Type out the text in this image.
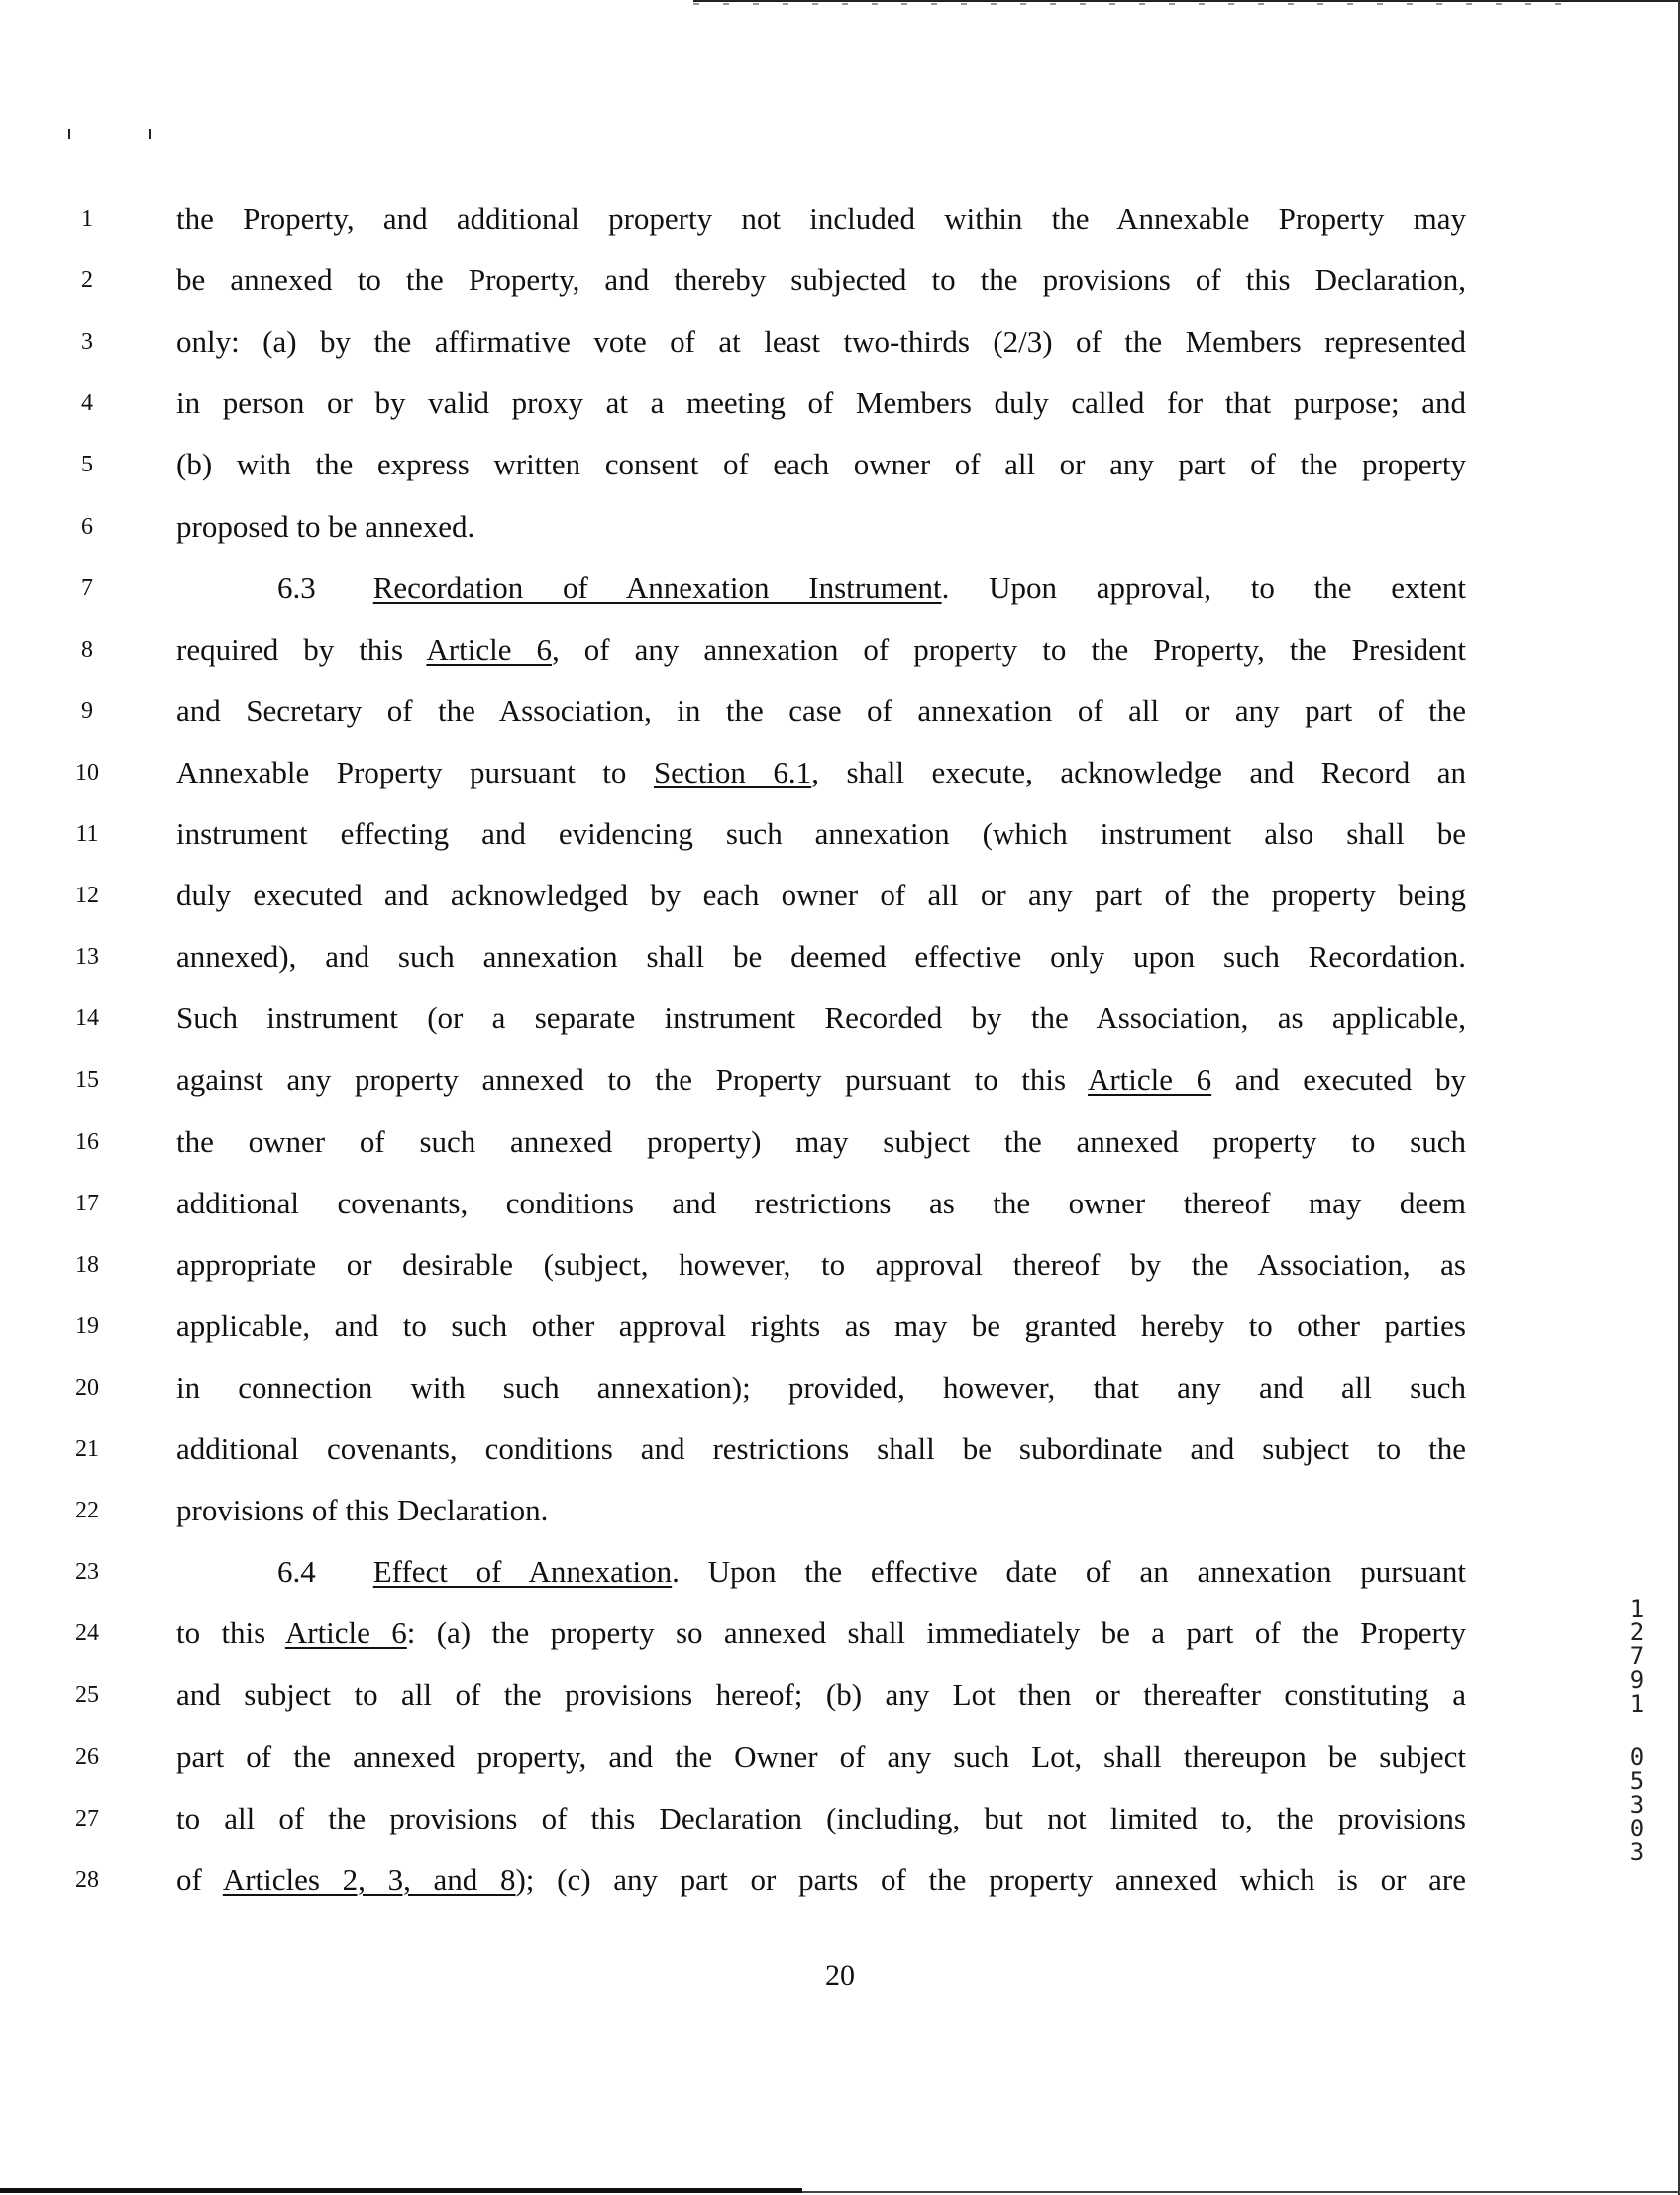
1	the Property, and additional property not included within the Annexable Property may
2	be annexed to the Property, and thereby subjected to the provisions of this Declaration,
3	only: (a) by the affirmative vote of at least two-thirds (2/3) of the Members represented
4	in person or by valid proxy at a meeting of Members duly called for that purpose; and
5	(b) with the express written consent of each owner of all or any part of the property
6	proposed to be annexed.
7	6.3 Recordation of Annexation Instrument. Upon approval, to the extent
8	required by this Article 6, of any annexation of property to the Property, the President
9	and Secretary of the Association, in the case of annexation of all or any part of the
10	Annexable Property pursuant to Section 6.1, shall execute, acknowledge and Record an
11	instrument effecting and evidencing such annexation (which instrument also shall be
12	duly executed and acknowledged by each owner of all or any part of the property being
13	annexed), and such annexation shall be deemed effective only upon such Recordation.
14	Such instrument (or a separate instrument Recorded by the Association, as applicable,
15	against any property annexed to the Property pursuant to this Article 6 and executed by
16	the owner of such annexed property) may subject the annexed property to such
17	additional covenants, conditions and restrictions as the owner thereof may deem
18	appropriate or desirable (subject, however, to approval thereof by the Association, as
19	applicable, and to such other approval rights as may be granted hereby to other parties
20	in connection with such annexation); provided, however, that any and all such
21	additional covenants, conditions and restrictions shall be subordinate and subject to the
22	provisions of this Declaration.
23	6.4 Effect of Annexation. Upon the effective date of an annexation pursuant
24	to this Article 6: (a) the property so annexed shall immediately be a part of the Property
25	and subject to all of the provisions hereof; (b) any Lot then or thereafter constituting a
26	part of the annexed property, and the Owner of any such Lot, shall thereupon be subject
27	to all of the provisions of this Declaration (including, but not limited to, the provisions
28	of Articles 2, 3, and 8); (c) any part or parts of the property annexed which is or are
20
1
2
7
9
1
0
5
3
0
3
